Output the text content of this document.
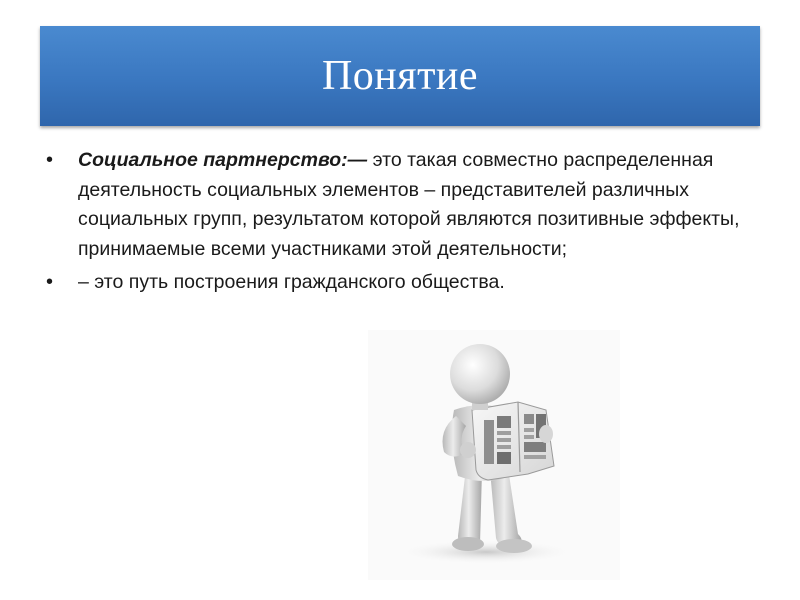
Понятие
• Социальное партнерство:— это такая совместно распределенная деятельность социальных элементов – представителей различных социальных групп, результатом которой являются позитивные эффекты, принимаемые всеми участниками этой деятельности;
• – это путь построения гражданского общества.
